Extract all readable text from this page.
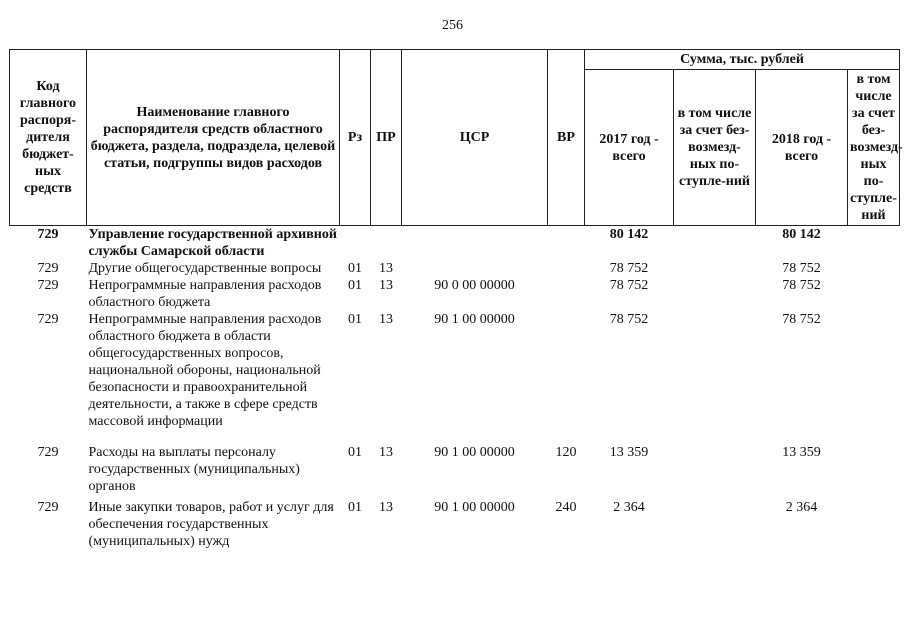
256
Код главного распоря-дителя бюджет-ных средств	Наименование главного распорядителя средств областного бюджета, раздела, подраздела, целевой статьи, подгруппы видов расходов	Рз	ПР	ЦСР	ВР	Сумма, тыс. рублей			
						2017 год - всего	в том числе за счет без-возмезд-ных по-ступле-ний	2018 год - всего	в том числе за счет без-возмезд-ных по-ступле-ний
729	Управление государственной архивной службы Самарской области					80 142		80 142	
729	Другие общегосударственные вопросы	01	13			78 752		78 752	
729	Непрограммные направления расходов областного бюджета	01	13	90 0 00 00000		78 752		78 752	
729	Непрограммные направления расходов областного бюджета в области общегосударственных вопросов, национальной обороны, национальной безопасности и правоохранительной деятельности, а также в сфере средств массовой информации	01	13	90 1 00 00000		78 752		78 752	
729	Расходы на выплаты персоналу государственных (муниципальных) органов	01	13	90 1 00 00000	120	13 359		13 359	
729	Иные закупки товаров, работ и услуг для обеспечения государственных (муниципальных) нужд	01	13	90 1 00 00000	240	2 364		2 364	
